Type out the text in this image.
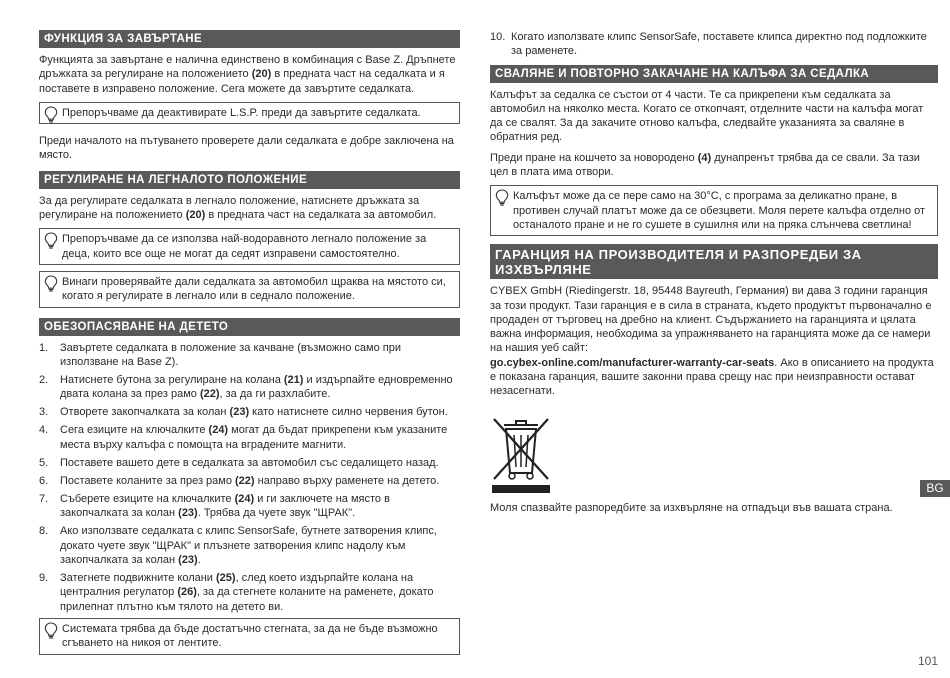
ФУНКЦИЯ ЗА ЗАВЪРТАНЕ

Функцията за завъртане е налична единствено в комбинация с Base Z. Дръпнете дръжката за регулиране на положението (20) в предната част на седалката и я поставете в изправено положение. Сега можете да завъртите седалката.

Препоръчваме да деактивирате L.S.P. преди да завъртите седалката.

Преди началото на пътуването проверете дали седалката е добре заключена на място.

РЕГУЛИРАНЕ НА ЛЕГНАЛОТО ПОЛОЖЕНИЕ

За да регулирате седалката в легнало положение, натиснете дръжката за регулиране на положението (20) в предната част на седалката за автомобил.

Препоръчваме да се използва най-водоравното легнало положение за деца, които все още не могат да седят изправени самостоятелно.
Винаги проверявайте дали седалката за автомобил щраква на мястото си, когато я регулирате в легнало или в седнало положение.
ОБЕЗОПАСЯВАНЕ НА ДЕТЕТО
1. Завъртете седалката в положение за качване (възможно само при използване на Base Z).
2. Натиснете бутона за регулиране на колана (21) и издърпайте едновременно двата колана за през рамо (22), за да ги разхлабите.
3. Отворете закопчалката за колан (23) като натиснете силно червения бутон.
4. Сега езиците на ключалките (24) могат да бъдат прикрепени към указаните места върху калъфа с помощта на вградените магнити.
5. Поставете вашето дете в седалката за автомобил със седалището назад.
6. Поставете коланите за през рамо (22) направо върху раменете на детето.
7. Съберете езиците на ключалките (24) и ги заключете на място в закопчалката за колан (23). Трябва да чуете звук "ЩРАК".
8. Ако използвате седалката с клипс SensorSafe, бутнете затворения клипс, докато чуете звук "ЩРАК" и плъзнете затворения клипс надолу към закопчалката за колан (23).
9. Затегнете подвижните колани (25), след което издърпайте колана на централния регулатор (26), за да стегнете коланите на раменете, докато прилепнат плътно към тялото на детето ви.
Системата трябва да бъде достатъчно стегната, за да не бъде възможно сгъването на никоя от лентите.
10. Когато използвате клипс SensorSafe, поставете клипса директно под подложките за раменете.
СВАЛЯНЕ И ПОВТОРНО ЗАКАЧАНЕ НА КАЛЪФА ЗА СЕДАЛКА

Калъфът за седалка се състои от 4 части. Те са прикрепени към седалката за автомобил на няколко места. Когато се откопчаят, отделните части на калъфа могат да се свалят. За да закачите отново калъфа, следвайте указанията за сваляне в обратния ред.

Преди пране на кошчето за новородено (4) дунапренът трябва да се свали. За тази цел в плата има отвори.

Калъфът може да се пере само на 30°C, с програма за деликатно пране, в противен случай платът може да се обезцвети. Моля перете калъфа отделно от останалото пране и не го сушете в сушилня или на пряка слънчева светлина!
ГАРАНЦИЯ НА ПРОИЗВОДИТЕЛЯ И РАЗПОРЕДБИ ЗА ИЗХВЪРЛЯНЕ

CYBEX GmbH (Riedingerstr. 18, 95448 Bayreuth, Германия) ви дава 3 години гаранция за този продукт. Тази гаранция е в сила в страната, където продуктът първоначално е продаден от търговец на дребно на клиент. Съдържанието на гаранцията и цялата важна информация, необходима за упражняването на гаранцията може да се намери на нашия уеб сайт:
go.cybex-online.com/manufacturer-warranty-car-seats. Ако в описанието на продукта е показана гаранция, вашите законни права срещу нас при неизправности остават незасегнати.

Моля спазвайте разпоредбите за изхвърляне на отпадъци във вашата страна.

BG
101
